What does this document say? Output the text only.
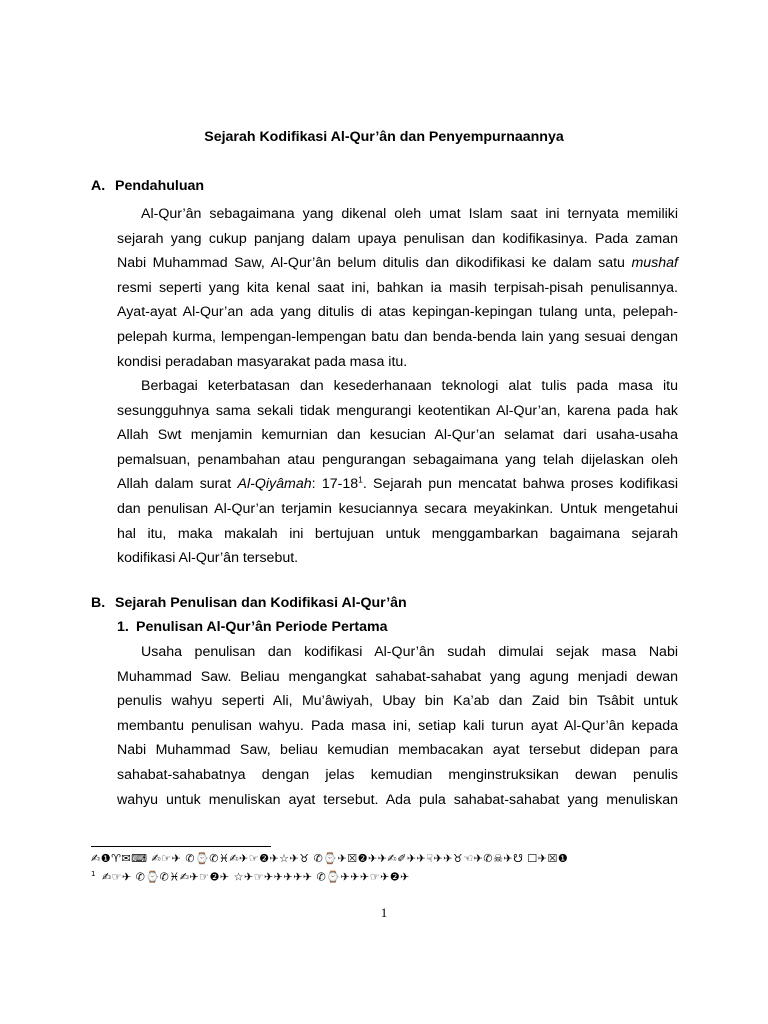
Sejarah Kodifikasi Al-Qur’ân dan Penyempurnaannya
A. Pendahuluan
Al-Qur’ân sebagaimana yang dikenal oleh umat Islam saat ini ternyata memiliki
sejarah yang cukup panjang dalam upaya penulisan dan kodifikasinya. Pada zaman
Nabi Muhammad Saw, Al-Qur’ân belum ditulis dan dikodifikasi ke dalam satu mushaf
resmi seperti yang kita kenal saat ini, bahkan ia masih terpisah-pisah penulisannya.
Ayat-ayat Al-Qur’an ada yang ditulis di atas kepingan-kepingan tulang unta, pelepah-
pelepah kurma, lempengan-lempengan batu dan benda-benda lain yang sesuai dengan
kondisi peradaban masyarakat pada masa itu.
Berbagai keterbatasan dan kesederhanaan teknologi alat tulis pada masa itu
sesungguhnya sama sekali tidak mengurangi keotentikan Al-Qur’an, karena pada hak
Allah Swt menjamin kemurnian dan kesucian Al-Qur’an selamat dari usaha-usaha
pemalsuan, penambahan atau pengurangan sebagaimana yang telah dijelaskan oleh
Allah dalam surat Al-Qiyâmah: $17-18^1$. Sejarah pun mencatat bahwa proses kodifikasi
dan penulisan Al-Qur’an terjamin kesuciannya secara meyakinkan. Untuk mengetahui
hal itu, maka makalah ini bertujuan untuk menggambarkan bagaimana sejarah
kodifikasi Al-Qur’ân tersebut.
B. Sejarah Penulisan dan Kodifikasi Al-Qur’ân
1. Penulisan Al-Qur’ân Periode Pertama
Usaha penulisan dan kodifikasi Al-Qur’ân sudah dimulai sejak masa Nabi
Muhammad Saw. Beliau mengangkat sahabat-sahabat yang agung menjadi dewan
penulis wahyu seperti Ali, Mu’âwiyah, Ubay bin Ka’ab dan Zaid bin Tsâbit untuk
membantu penulisan wahyu. Pada masa ini, setiap kali turun ayat Al-Qur’ân kepada
Nabi Muhammad Saw, beliau kemudian membacakan ayat tersebut didepan para
sahabat-sahabatnya dengan jelas kemudian menginstruksikan dewan penulis
wahyu untuk menuliskan ayat tersebut. Ada pula sahabat-sahabat yang menuliskan
✍❶♈✉⌨ ✍☞✈ ✆⌚✆♓✍✈☞❷✈☆✈♉ ✆⌚✈☒❷✈✈✍✐✈✈☟✈✈♉☜✈✆☠✈☋ ☐✈☒❶
$^1$ ✍☞✈ ✆⌚✆♓✍✈☞❷✈ ☆✈☞✈✈✈✈✈ ✆⌚✈✈✈☞✈❷✈
1
